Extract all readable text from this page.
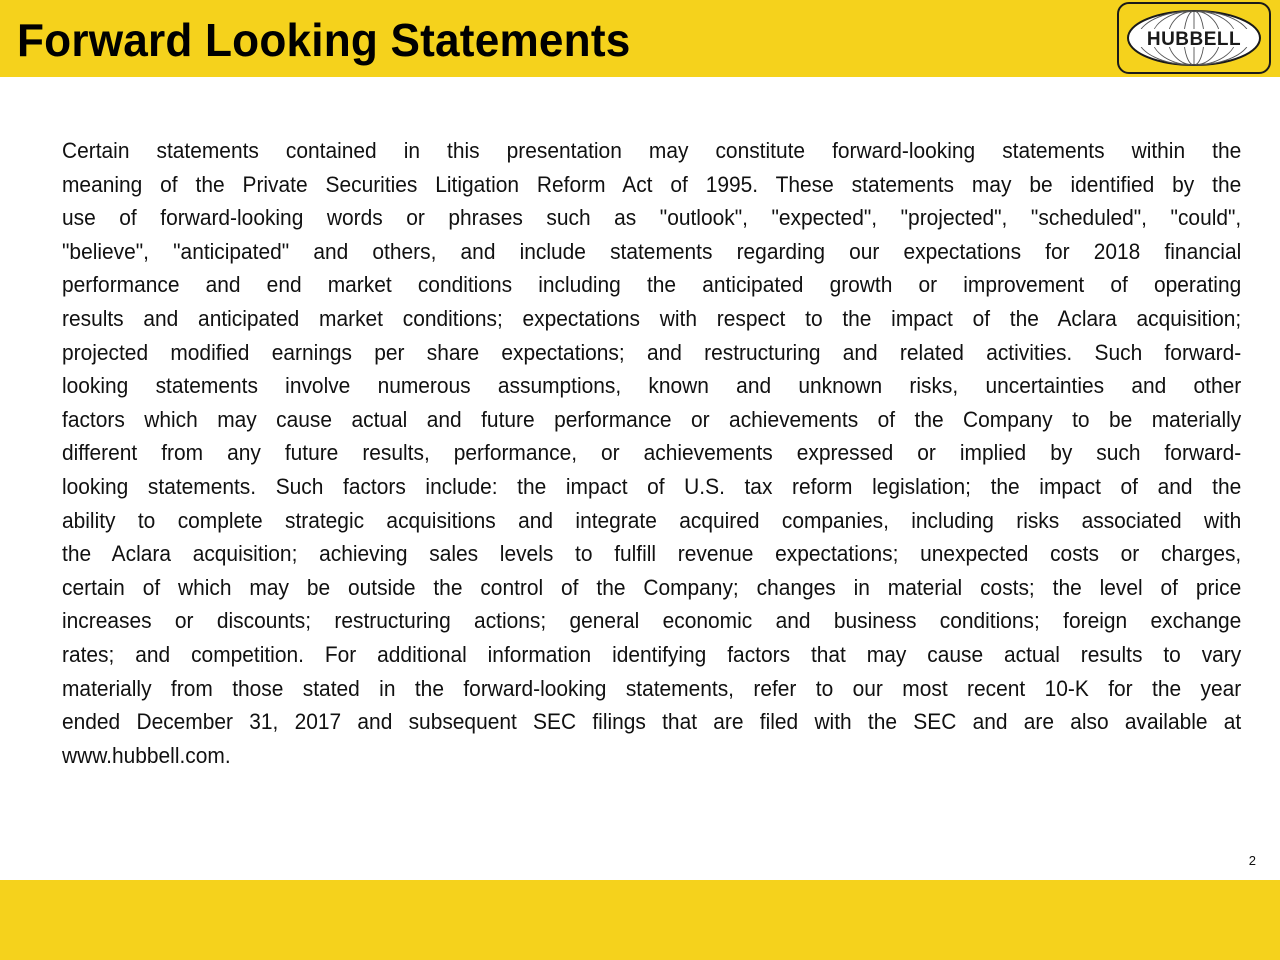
Forward Looking Statements	HUBBELL
Certain statements contained in this presentation may constitute forward-looking statements within the
meaning of the Private Securities Litigation Reform Act of 1995. These statements may be identified by the
use of forward-looking words or phrases such as "outlook", "expected", "projected", "scheduled", "could",
"believe", "anticipated" and others, and include statements regarding our expectations for 2018 financial
performance and end market conditions including the anticipated growth or improvement of operating
results and anticipated market conditions; expectations with respect to the impact of the Aclara acquisition;
projected modified earnings per share expectations; and restructuring and related activities. Such forward-
looking statements involve numerous assumptions, known and unknown risks, uncertainties and other
factors which may cause actual and future performance or achievements of the Company to be materially
different from any future results, performance, or achievements expressed or implied by such forward-
looking statements. Such factors include: the impact of U.S. tax reform legislation; the impact of and the
ability to complete strategic acquisitions and integrate acquired companies, including risks associated with
the Aclara acquisition; achieving sales levels to fulfill revenue expectations; unexpected costs or charges,
certain of which may be outside the control of the Company; changes in material costs; the level of price
increases or discounts; restructuring actions; general economic and business conditions; foreign exchange
rates; and competition. For additional information identifying factors that may cause actual results to vary
materially from those stated in the forward-looking statements, refer to our most recent 10-K for the year
ended December 31, 2017 and subsequent SEC filings that are filed with the SEC and are also available at
www.hubbell.com.
2
